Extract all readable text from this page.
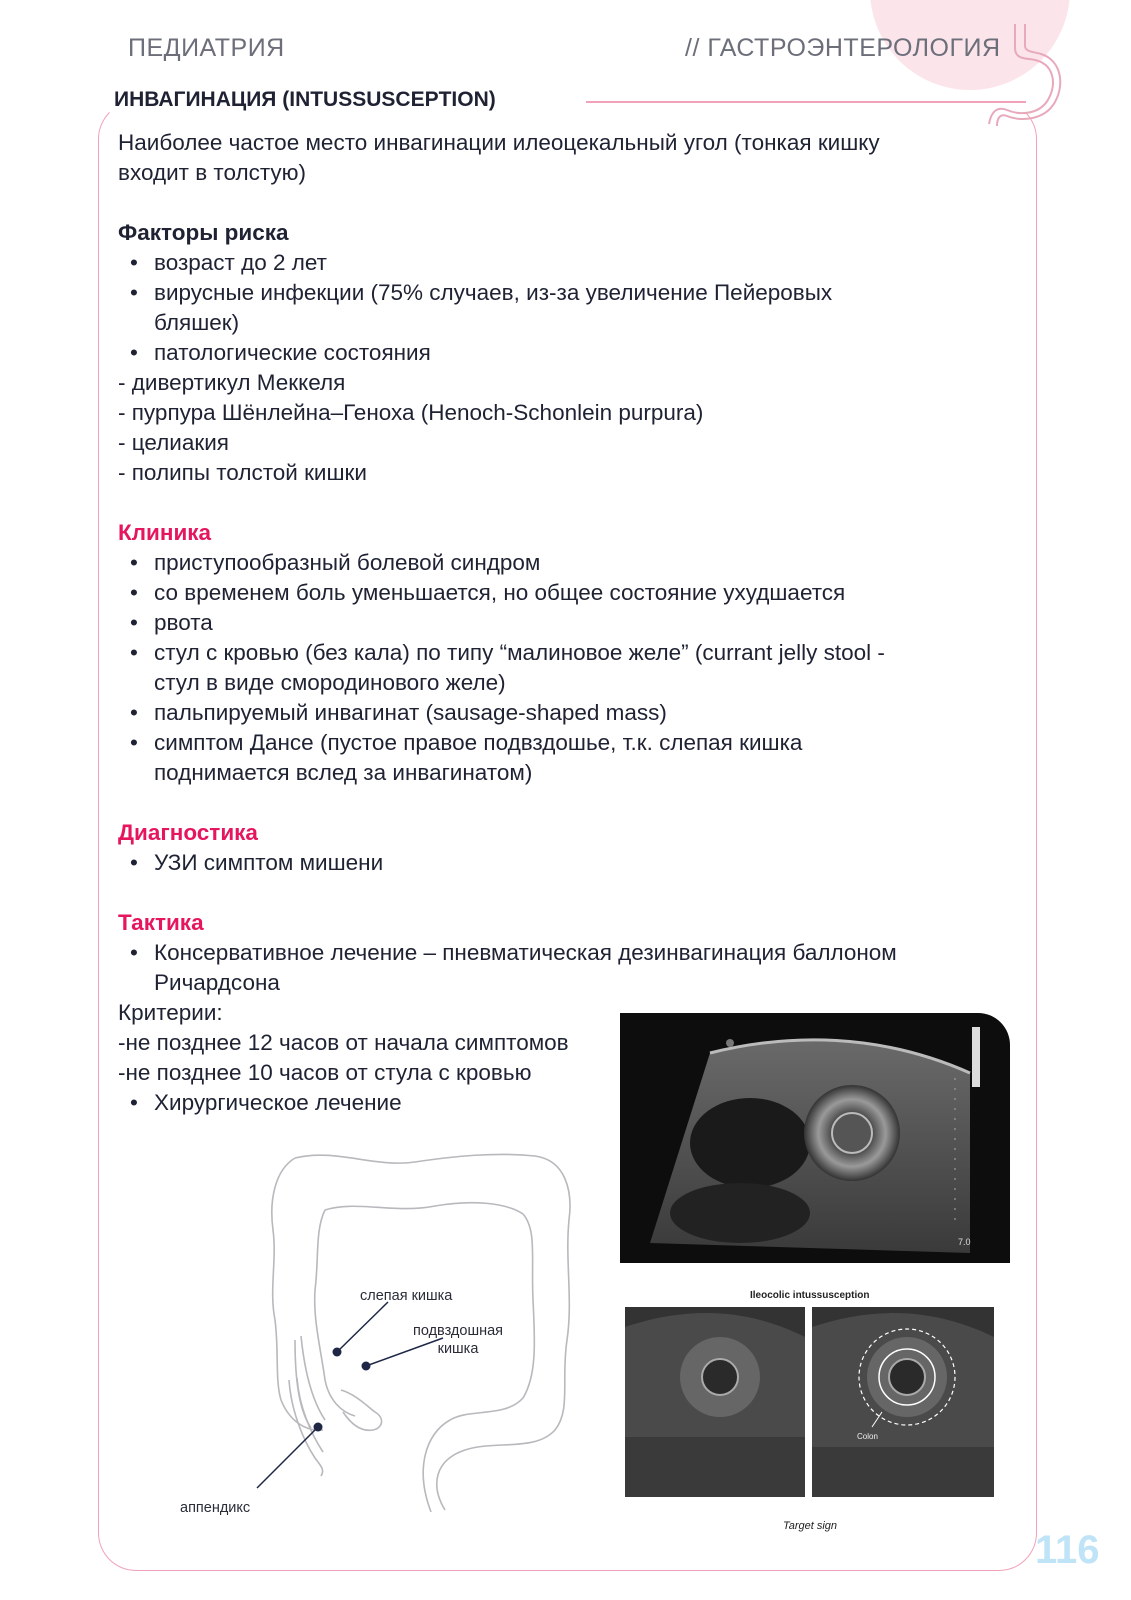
ПЕДИАТРИЯ	// ГАСТРОЭНТЕРОЛОГИЯ
ИНВАГИНАЦИЯ (INTUSSUSCEPTION)

Наиболее частое место инвагинации илеоцекальный угол (тонкая кишку

входит в толстую)

Факторы риска

• возраст до 2 лет

• вирусные инфекции (75% случаев, из-за увеличение Пейеровых

бляшек)

• патологические состояния

- дивертикул Меккеля

- пурпура Шёнлейна–Геноха (Henoch-Schonlein purpura)

- целиакия

- полипы толстой кишки

Клиника

• приступообразный болевой синдром

• со временем боль уменьшается, но общее состояние ухудшается

• рвота

• стул с кровью (без кала) по типу “малиновое желе” (currant jelly stool -

стул в виде смородинового желе)

• пальпируемый инвагинат (sausage-shaped mass)

• симптом Дансе (пустое правое подвздошье, т.к. слепая кишка

поднимается вслед за инвагинатом)

Диагностика

• УЗИ симптом мишени

Тактика

• Консервативное лечение – пневматическая дезинвагинация баллоном

Ричардсона

Критерии:

-не позднее 12 часов от начала симптомов

-не позднее 10 часов от стула с кровью

• Хирургическое лечение

слепая кишка
подвздошная
кишка
аппендикс
7.0
Ileocolic intussusception
Colon
Target sign
116
